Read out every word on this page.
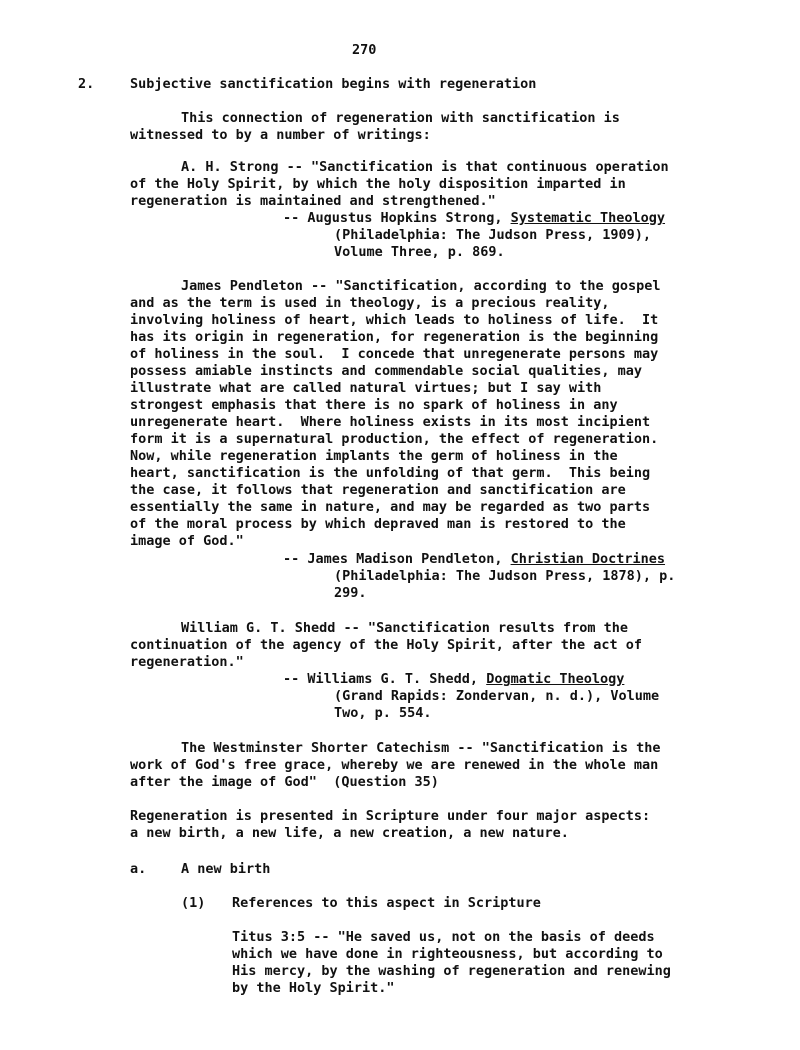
270
2.	Subjective sanctification begins with regeneration
This connection of regeneration with sanctification is
witnessed to by a number of writings:
A. H. Strong -- "Sanctification is that continuous operation
of the Holy Spirit, by which the holy disposition imparted in
regeneration is maintained and strengthened."
-- Augustus Hopkins Strong, Systematic Theology
(Philadelphia: The Judson Press, 1909),
Volume Three, p. 869.
James Pendleton -- "Sanctification, according to the gospel
and as the term is used in theology, is a precious reality,
involving holiness of heart, which leads to holiness of life.  It
has its origin in regeneration, for regeneration is the beginning
of holiness in the soul.  I concede that unregenerate persons may
possess amiable instincts and commendable social qualities, may
illustrate what are called natural virtues; but I say with
strongest emphasis that there is no spark of holiness in any
unregenerate heart.  Where holiness exists in its most incipient
form it is a supernatural production, the effect of regeneration.
Now, while regeneration implants the germ of holiness in the
heart, sanctification is the unfolding of that germ.  This being
the case, it follows that regeneration and sanctification are
essentially the same in nature, and may be regarded as two parts
of the moral process by which depraved man is restored to the
image of God."
-- James Madison Pendleton, Christian Doctrines
(Philadelphia: The Judson Press, 1878), p.
299.
William G. T. Shedd -- "Sanctification results from the
continuation of the agency of the Holy Spirit, after the act of
regeneration."
-- Williams G. T. Shedd, Dogmatic Theology
(Grand Rapids: Zondervan, n. d.), Volume
Two, p. 554.
The Westminster Shorter Catechism -- "Sanctification is the
work of God's free grace, whereby we are renewed in the whole man
after the image of God"  (Question 35)
Regeneration is presented in Scripture under four major aspects:
a new birth, a new life, a new creation, a new nature.
a.	A new birth
(1) References to this aspect in Scripture
Titus 3:5 -- "He saved us, not on the basis of deeds
which we have done in righteousness, but according to
His mercy, by the washing of regeneration and renewing
by the Holy Spirit."
